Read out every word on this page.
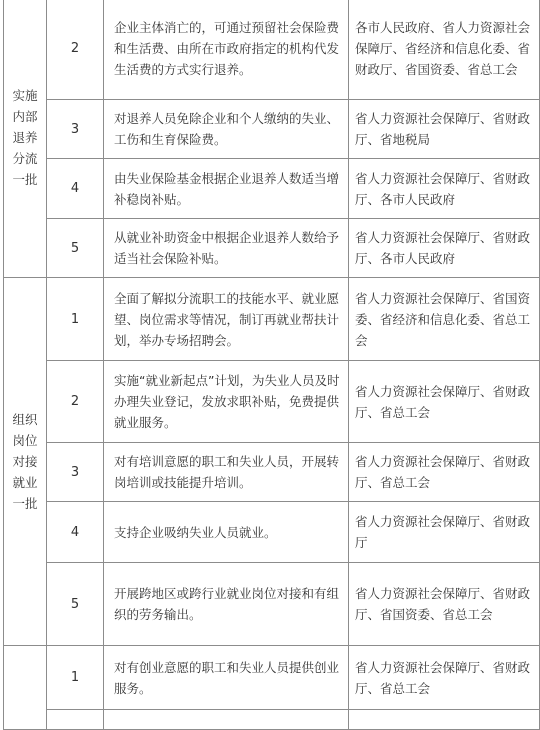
实施内部退养分流一批	2	企业主体消亡的，可通过预留社会保险费和生活费、由所在市政府指定的机构代发生活费的方式实行退养。	各市人民政府、省人力资源社会保障厅、省经济和信息化委、省财政厅、省国资委、省总工会
	3	对退养人员免除企业和个人缴纳的失业、工伤和生育保险费。	省人力资源社会保障厅、省财政厅、省地税局
	4	由失业保险基金根据企业退养人数适当增补稳岗补贴。	省人力资源社会保障厅、省财政厅、各市人民政府
	5	从就业补助资金中根据企业退养人数给予适当社会保险补贴。	省人力资源社会保障厅、省财政厅、各市人民政府
组织岗位对接就业一批	1	全面了解拟分流职工的技能水平、就业愿望、岗位需求等情况，制订再就业帮扶计划，举办专场招聘会。	省人力资源社会保障厅、省国资委、省经济和信息化委、省总工会
	2	实施“就业新起点”计划，为失业人员及时办理失业登记，发放求职补贴，免费提供就业服务。	省人力资源社会保障厅、省财政厅、省总工会
	3	对有培训意愿的职工和失业人员，开展转岗培训或技能提升培训。	省人力资源社会保障厅、省财政厅、省总工会
	4	支持企业吸纳失业人员就业。	省人力资源社会保障厅、省财政厅
	5	开展跨地区或跨行业就业岗位对接和有组织的劳务输出。	省人力资源社会保障厅、省财政厅、省国资委、省总工会
	1	对有创业意愿的职工和失业人员提供创业服务。	省人力资源社会保障厅、省财政厅、省总工会
